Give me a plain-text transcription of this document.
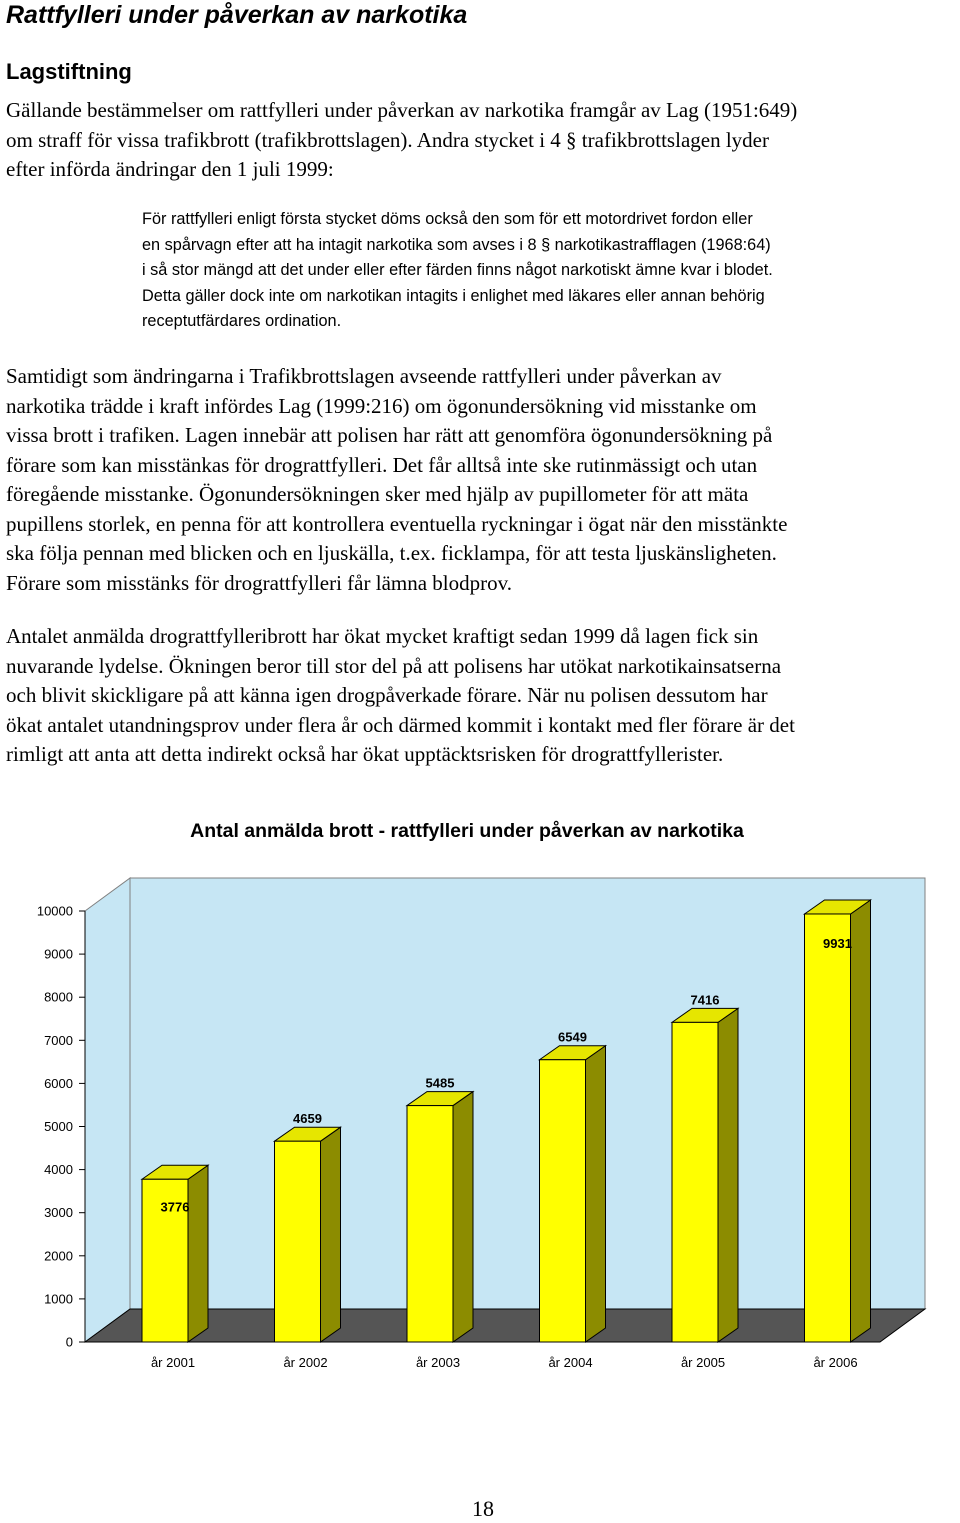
Rattfylleri under påverkan av narkotika
Lagstiftning
Gällande bestämmelser om rattfylleri under påverkan av narkotika framgår av Lag (1951:649)
om straff för vissa trafikbrott (trafikbrottslagen). Andra stycket i 4 § trafikbrottslagen lyder
efter införda ändringar den 1 juli 1999:
För rattfylleri enligt första stycket döms också den som för ett motordrivet fordon eller
en spårvagn efter att ha intagit narkotika som avses i 8 § narkotikastrafflagen (1968:64)
i så stor mängd att det under eller efter färden finns något narkotiskt ämne kvar i blodet.
Detta gäller dock inte om narkotikan intagits i enlighet med läkares eller annan behörig
receptutfärdares ordination.
Samtidigt som ändringarna i Trafikbrottslagen avseende rattfylleri under påverkan av
narkotika trädde i kraft infördes Lag (1999:216) om ögonundersökning vid misstanke om
vissa brott i trafiken. Lagen innebär att polisen har rätt att genomföra ögonundersökning på
förare som kan misstänkas för drograttfylleri. Det får alltså inte ske rutinmässigt och utan
föregående misstanke. Ögonundersökningen sker med hjälp av pupillometer för att mäta
pupillens storlek, en penna för att kontrollera eventuella ryckningar i ögat när den misstänkte
ska följa pennan med blicken och en ljuskälla, t.ex. ficklampa, för att testa ljuskänsligheten.
Förare som misstänks för drograttfylleri får lämna blodprov.
Antalet anmälda drograttfylleribrott har ökat mycket kraftigt sedan 1999 då lagen fick sin
nuvarande lydelse. Ökningen beror till stor del på att polisens har utökat narkotikainsatserna
och blivit skickligare på att känna igen drogpåverkade förare. När nu polisen dessutom har
ökat antalet utandningsprov under flera år och därmed kommit i kontakt med fler förare är det
rimligt att anta att detta indirekt också har ökat upptäcktsrisken för drograttfyllerister.
Antal anmälda brott - rattfylleri under påverkan av narkotika
0
1000
2000
3000
4000
5000
6000
7000
8000
9000
10000
3776
år 2001
4659
år 2002
5485
år 2003
6549
år 2004
7416
år 2005
9931
år 2006
18
